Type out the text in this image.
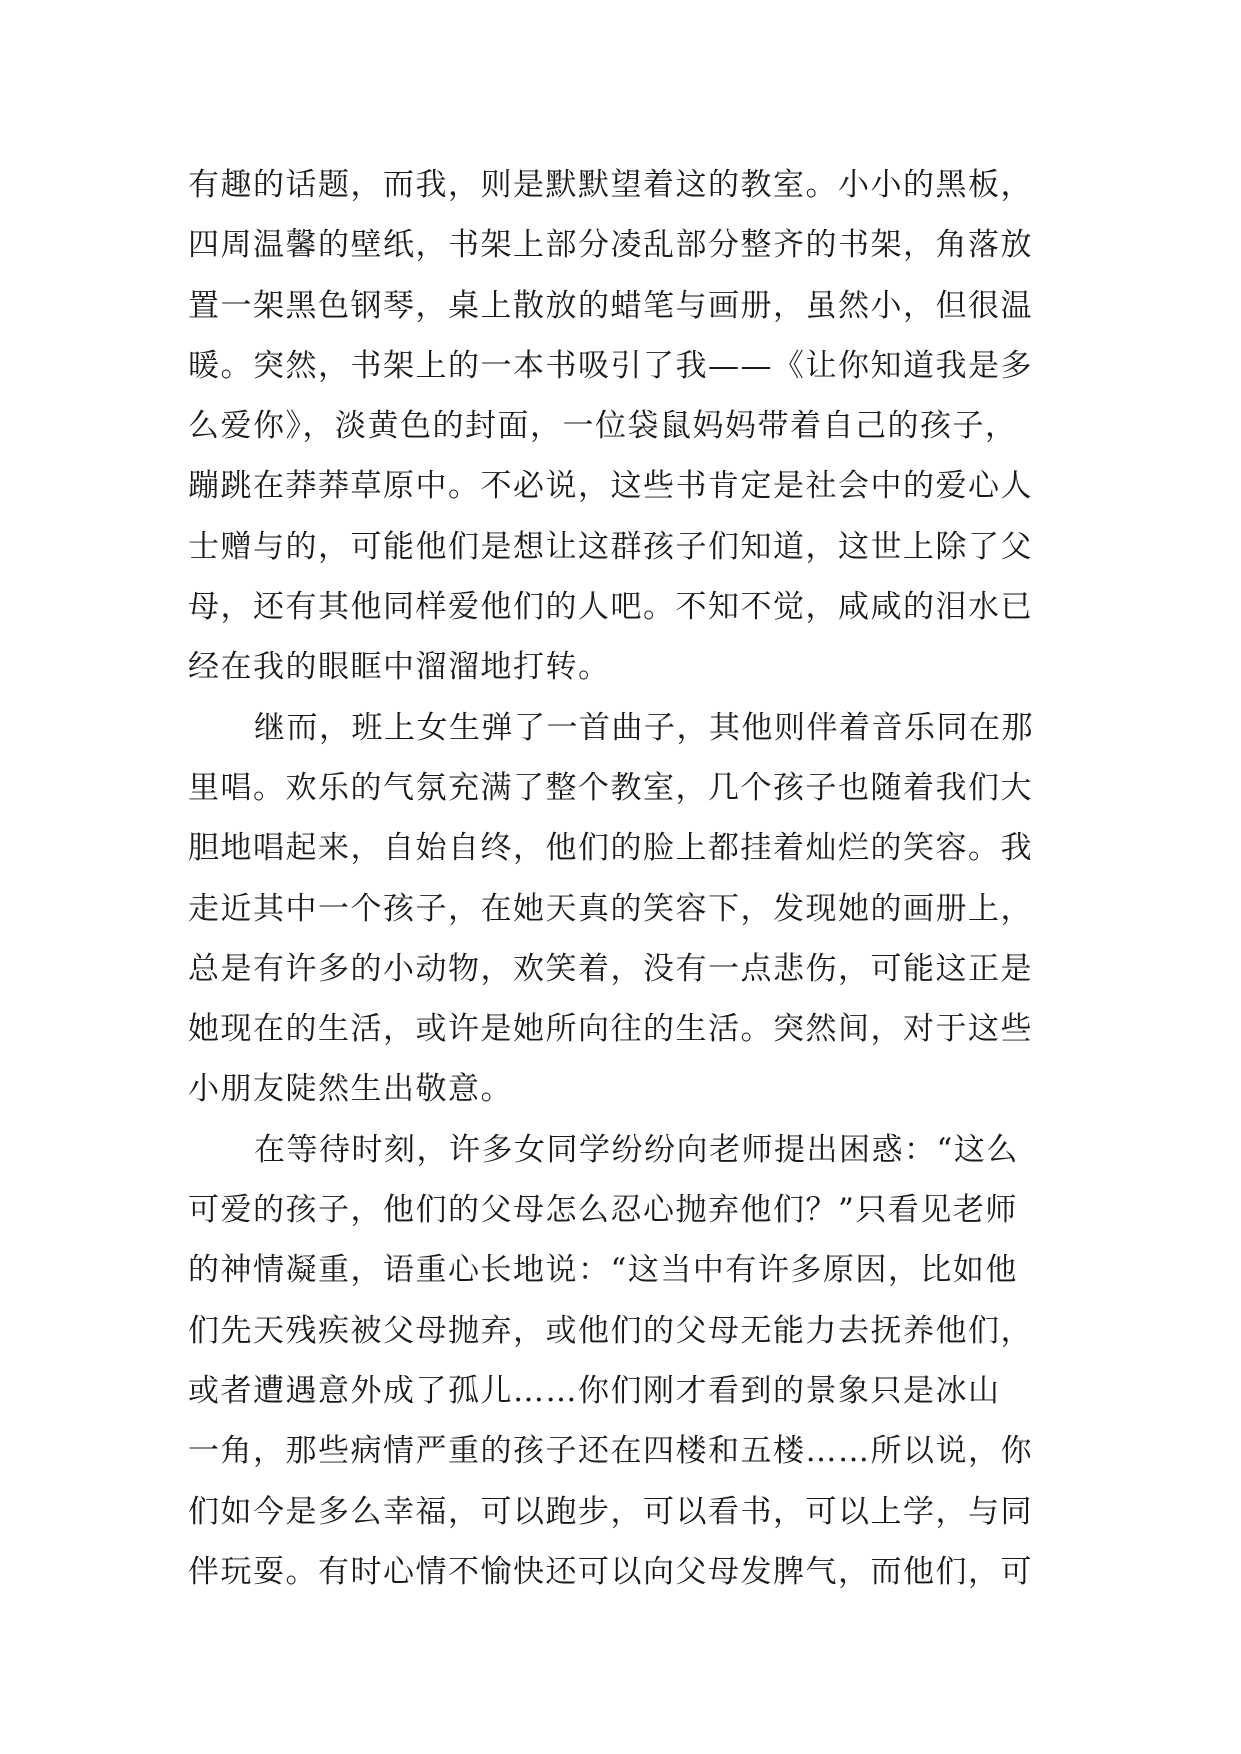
有趣的话题，而我，则是默默望着这的教室。小小的黑板，
四周温馨的壁纸，书架上部分凌乱部分整齐的书架，角落放
置一架黑色钢琴，桌上散放的蜡笔与画册，虽然小，但很温
暖。突然，书架上的一本书吸引了我——《让你知道我是多
么爱你》，淡黄色的封面，一位袋鼠妈妈带着自己的孩子，
蹦跳在莽莽草原中。不必说，这些书肯定是社会中的爱心人
士赠与的，可能他们是想让这群孩子们知道，这世上除了父
母，还有其他同样爱他们的人吧。不知不觉，咸咸的泪水已
经在我的眼眶中溜溜地打转。
继而，班上女生弹了一首曲子，其他则伴着音乐同在那
里唱。欢乐的气氛充满了整个教室，几个孩子也随着我们大
胆地唱起来，自始自终，他们的脸上都挂着灿烂的笑容。我
走近其中一个孩子，在她天真的笑容下，发现她的画册上，
总是有许多的小动物，欢笑着，没有一点悲伤，可能这正是
她现在的生活，或许是她所向往的生活。突然间，对于这些
小朋友陡然生出敬意。
在等待时刻，许多女同学纷纷向老师提出困惑：“这么
可爱的孩子，他们的父母怎么忍心抛弃他们？”只看见老师
的神情凝重，语重心长地说：“这当中有许多原因，比如他
们先天残疾被父母抛弃，或他们的父母无能力去抚养他们，
或者遭遇意外成了孤儿……你们刚才看到的景象只是冰山
一角，那些病情严重的孩子还在四楼和五楼……所以说，你
们如今是多么幸福，可以跑步，可以看书，可以上学，与同
伴玩耍。有时心情不愉快还可以向父母发脾气，而他们，可
